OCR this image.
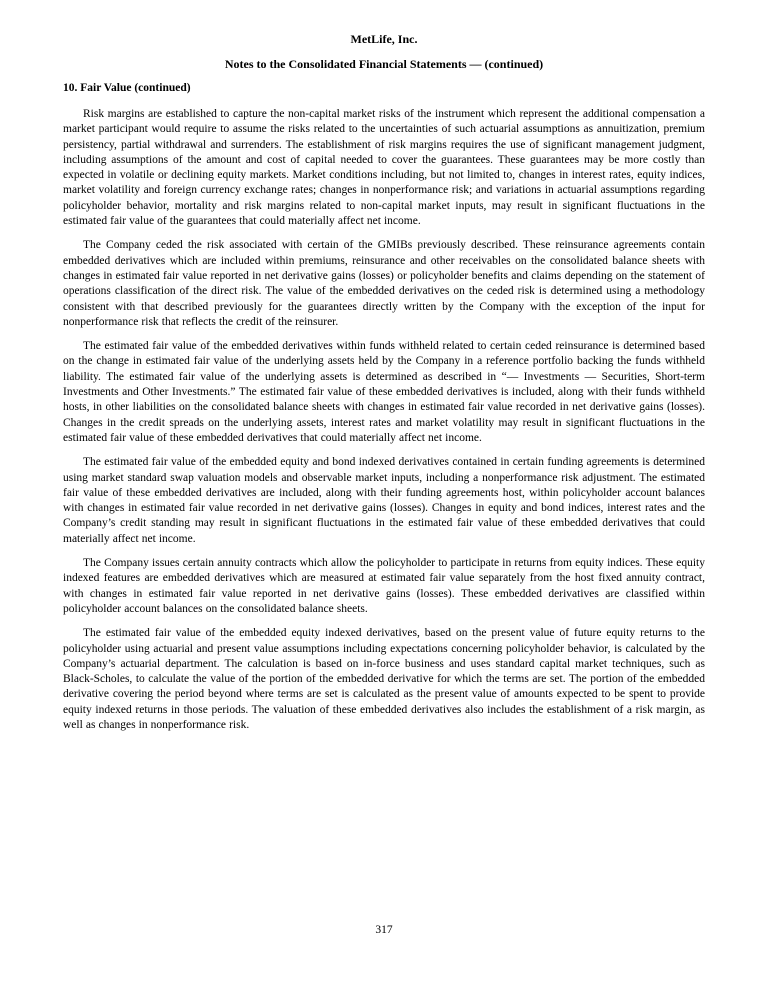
MetLife, Inc.
Notes to the Consolidated Financial Statements — (continued)
10. Fair Value (continued)

Risk margins are established to capture the non-capital market risks of the instrument which represent the additional compensation a market participant would require to assume the risks related to the uncertainties of such actuarial assumptions as annuitization, premium persistency, partial withdrawal and surrenders. The establishment of risk margins requires the use of significant management judgment, including assumptions of the amount and cost of capital needed to cover the guarantees. These guarantees may be more costly than expected in volatile or declining equity markets. Market conditions including, but not limited to, changes in interest rates, equity indices, market volatility and foreign currency exchange rates; changes in nonperformance risk; and variations in actuarial assumptions regarding policyholder behavior, mortality and risk margins related to non-capital market inputs, may result in significant fluctuations in the estimated fair value of the guarantees that could materially affect net income.

The Company ceded the risk associated with certain of the GMIBs previously described. These reinsurance agreements contain embedded derivatives which are included within premiums, reinsurance and other receivables on the consolidated balance sheets with changes in estimated fair value reported in net derivative gains (losses) or policyholder benefits and claims depending on the statement of operations classification of the direct risk. The value of the embedded derivatives on the ceded risk is determined using a methodology consistent with that described previously for the guarantees directly written by the Company with the exception of the input for nonperformance risk that reflects the credit of the reinsurer.

The estimated fair value of the embedded derivatives within funds withheld related to certain ceded reinsurance is determined based on the change in estimated fair value of the underlying assets held by the Company in a reference portfolio backing the funds withheld liability. The estimated fair value of the underlying assets is determined as described in “— Investments — Securities, Short-term Investments and Other Investments.” The estimated fair value of these embedded derivatives is included, along with their funds withheld hosts, in other liabilities on the consolidated balance sheets with changes in estimated fair value recorded in net derivative gains (losses). Changes in the credit spreads on the underlying assets, interest rates and market volatility may result in significant fluctuations in the estimated fair value of these embedded derivatives that could materially affect net income.

The estimated fair value of the embedded equity and bond indexed derivatives contained in certain funding agreements is determined using market standard swap valuation models and observable market inputs, including a nonperformance risk adjustment. The estimated fair value of these embedded derivatives are included, along with their funding agreements host, within policyholder account balances with changes in estimated fair value recorded in net derivative gains (losses). Changes in equity and bond indices, interest rates and the Company’s credit standing may result in significant fluctuations in the estimated fair value of these embedded derivatives that could materially affect net income.

The Company issues certain annuity contracts which allow the policyholder to participate in returns from equity indices. These equity indexed features are embedded derivatives which are measured at estimated fair value separately from the host fixed annuity contract, with changes in estimated fair value reported in net derivative gains (losses). These embedded derivatives are classified within policyholder account balances on the consolidated balance sheets.

The estimated fair value of the embedded equity indexed derivatives, based on the present value of future equity returns to the policyholder using actuarial and present value assumptions including expectations concerning policyholder behavior, is calculated by the Company’s actuarial department. The calculation is based on in-force business and uses standard capital market techniques, such as Black-Scholes, to calculate the value of the portion of the embedded derivative for which the terms are set. The portion of the embedded derivative covering the period beyond where terms are set is calculated as the present value of amounts expected to be spent to provide equity indexed returns in those periods. The valuation of these embedded derivatives also includes the establishment of a risk margin, as well as changes in nonperformance risk.

317
